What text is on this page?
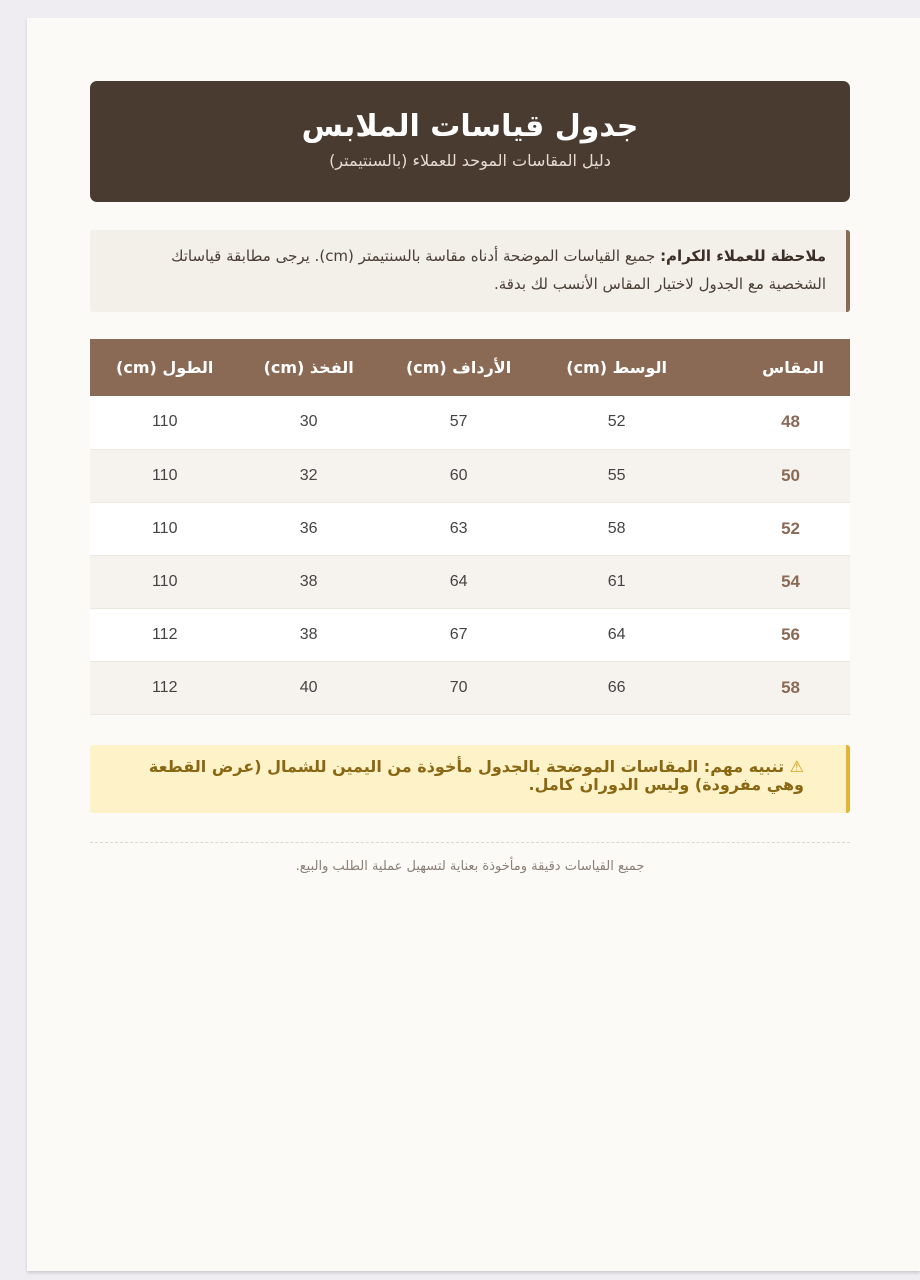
جدول قياسات الملابس
دليل المقاسات الموحد للعملاء (بالسنتيمتر)
ملاحظة للعملاء الكرام: جميع القياسات الموضحة أدناه مقاسة بالسنتيمتر (cm). يرجى مطابقة قياساتك الشخصية مع الجدول لاختيار المقاس الأنسب لك بدقة.
المقاس	الوسط (cm)	الأرداف (cm)	الفخذ (cm)	الطول (cm)
48	52	57	30	110
50	55	60	32	110
52	58	63	36	110
54	61	64	38	110
56	64	67	38	112
58	66	70	40	112
⚠︎ تنبيه مهم: المقاسات الموضحة بالجدول مأخوذة من اليمين للشمال (عرض القطعة وهي مفرودة) وليس الدوران كامل.
جميع القياسات دقيقة ومأخوذة بعناية لتسهيل عملية الطلب والبيع.
